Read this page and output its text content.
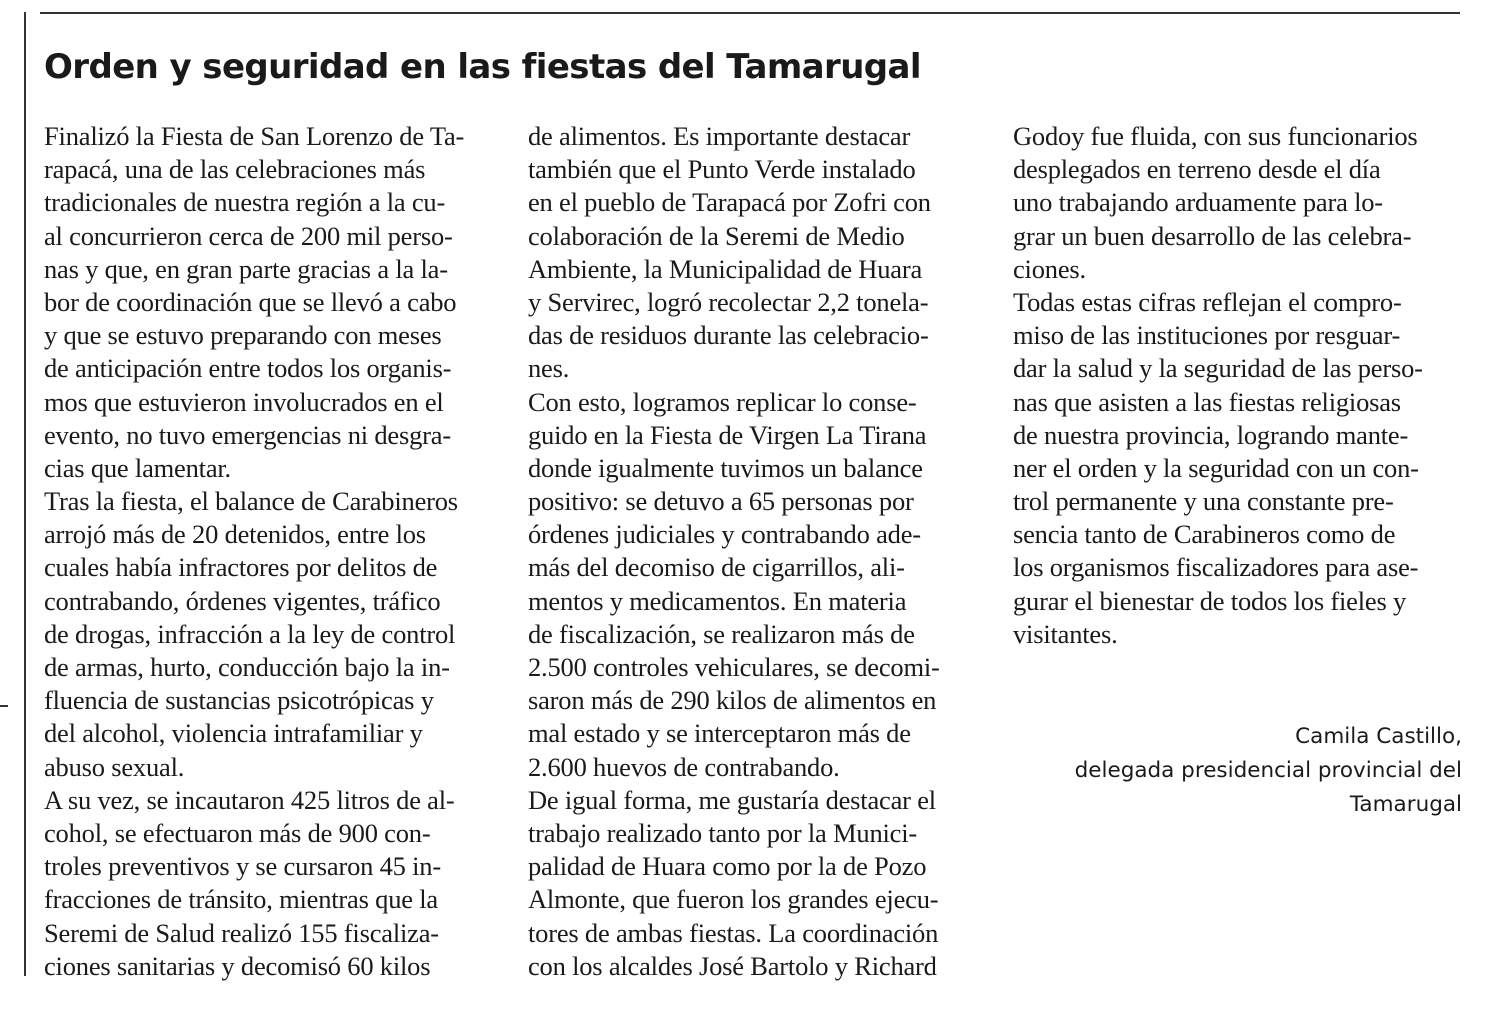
Orden y seguridad en las fiestas del Tamarugal
Finalizó la Fiesta de San Lorenzo de Ta-
rapacá, una de las celebraciones más
tradicionales de nuestra región a la cu-
al concurrieron cerca de 200 mil perso-
nas y que, en gran parte gracias a la la-
bor de coordinación que se llevó a cabo
y que se estuvo preparando con meses
de anticipación entre todos los organis-
mos que estuvieron involucrados en el
evento, no tuvo emergencias ni desgra-
cias que lamentar.
Tras la fiesta, el balance de Carabineros
arrojó más de 20 detenidos, entre los
cuales había infractores por delitos de
contrabando, órdenes vigentes, tráfico
de drogas, infracción a la ley de control
de armas, hurto, conducción bajo la in-
fluencia de sustancias psicotrópicas y
del alcohol, violencia intrafamiliar y
abuso sexual.
A su vez, se incautaron 425 litros de al-
cohol, se efectuaron más de 900 con-
troles preventivos y se cursaron 45 in-
fracciones de tránsito, mientras que la
Seremi de Salud realizó 155 fiscaliza-
ciones sanitarias y decomisó 60 kilos
de alimentos. Es importante destacar
también que el Punto Verde instalado
en el pueblo de Tarapacá por Zofri con
colaboración de la Seremi de Medio
Ambiente, la Municipalidad de Huara
y Servirec, logró recolectar 2,2 tonela-
das de residuos durante las celebracio-
nes.
Con esto, logramos replicar lo conse-
guido en la Fiesta de Virgen La Tirana
donde igualmente tuvimos un balance
positivo: se detuvo a 65 personas por
órdenes judiciales y contrabando ade-
más del decomiso de cigarrillos, ali-
mentos y medicamentos. En materia
de fiscalización, se realizaron más de
2.500 controles vehiculares, se decomi-
saron más de 290 kilos de alimentos en
mal estado y se interceptaron más de
2.600 huevos de contrabando.
De igual forma, me gustaría destacar el
trabajo realizado tanto por la Munici-
palidad de Huara como por la de Pozo
Almonte, que fueron los grandes ejecu-
tores de ambas fiestas. La coordinación
con los alcaldes José Bartolo y Richard
Godoy fue fluida, con sus funcionarios
desplegados en terreno desde el día
uno trabajando arduamente para lo-
grar un buen desarrollo de las celebra-
ciones.
Todas estas cifras reflejan el compro-
miso de las instituciones por resguar-
dar la salud y la seguridad de las perso-
nas que asisten a las fiestas religiosas
de nuestra provincia, logrando mante-
ner el orden y la seguridad con un con-
trol permanente y una constante pre-
sencia tanto de Carabineros como de
los organismos fiscalizadores para ase-
gurar el bienestar de todos los fieles y
visitantes.
Camila Castillo,
delegada presidencial provincial del
Tamarugal
